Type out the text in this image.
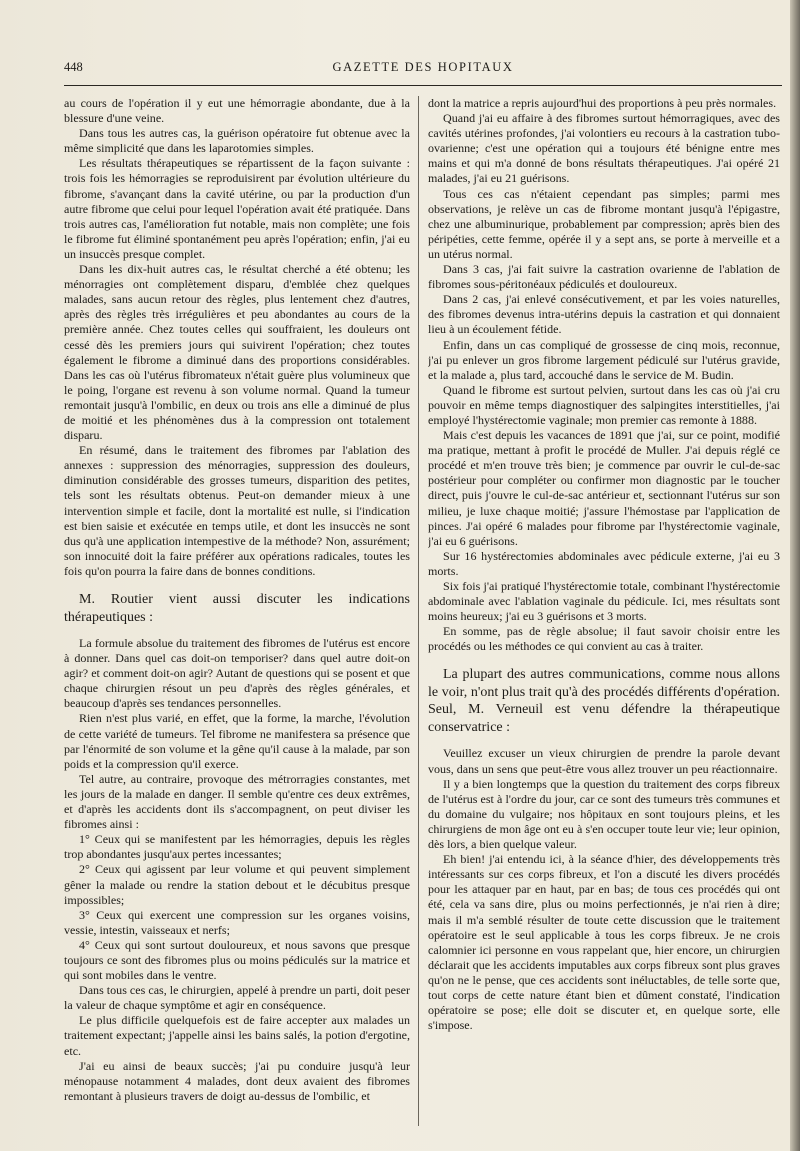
448	GAZETTE DES HOPITAUX

au cours de l'opération il y eut une hémorragie abondante, due à la blessure d'une veine.

Dans tous les autres cas, la guérison opératoire fut obtenue avec la même simplicité que dans les laparotomies simples.

Les résultats thérapeutiques se répartissent de la façon suivante : trois fois les hémorragies se reproduisirent par évolution ultérieure du fibrome, s'avançant dans la cavité utérine, ou par la production d'un autre fibrome que celui pour lequel l'opération avait été pratiquée. Dans trois autres cas, l'amélioration fut notable, mais non complète; une fois le fibrome fut éliminé spontanément peu après l'opération; enfin, j'ai eu un insuccès presque complet.

Dans les dix-huit autres cas, le résultat cherché a été obtenu; les ménorragies ont complètement disparu, d'emblée chez quelques malades, sans aucun retour des règles, plus lentement chez d'autres, après des règles très irrégulières et peu abondantes au cours de la première année. Chez toutes celles qui souffraient, les douleurs ont cessé dès les premiers jours qui suivirent l'opération; chez toutes également le fibrome a diminué dans des proportions considérables. Dans les cas où l'utérus fibromateux n'était guère plus volumineux que le poing, l'organe est revenu à son volume normal. Quand la tumeur remontait jusqu'à l'ombilic, en deux ou trois ans elle a diminué de plus de moitié et les phénomènes dus à la compression ont totalement disparu.

En résumé, dans le traitement des fibromes par l'ablation des annexes : suppression des ménorragies, suppression des douleurs, diminution considérable des grosses tumeurs, disparition des petites, tels sont les résultats obtenus. Peut-on demander mieux à une intervention simple et facile, dont la mortalité est nulle, si l'indication est bien saisie et exécutée en temps utile, et dont les insuccès ne sont dus qu'à une application intempestive de la méthode? Non, assurément; son innocuité doit la faire préférer aux opérations radicales, toutes les fois qu'on pourra la faire dans de bonnes conditions.

M. Routier vient aussi discuter les indications thérapeutiques :

La formule absolue du traitement des fibromes de l'utérus est encore à donner. Dans quel cas doit-on temporiser? dans quel autre doit-on agir? et comment doit-on agir? Autant de questions qui se posent et que chaque chirurgien résout un peu d'après des règles générales, et beaucoup d'après ses tendances personnelles.

Rien n'est plus varié, en effet, que la forme, la marche, l'évolution de cette variété de tumeurs. Tel fibrome ne manifestera sa présence que par l'énormité de son volume et la gêne qu'il cause à la malade, par son poids et la compression qu'il exerce.

Tel autre, au contraire, provoque des métrorragies constantes, met les jours de la malade en danger. Il semble qu'entre ces deux extrêmes, et d'après les accidents dont ils s'accompagnent, on peut diviser les fibromes ainsi :

1° Ceux qui se manifestent par les hémorragies, depuis les règles trop abondantes jusqu'aux pertes incessantes;

2° Ceux qui agissent par leur volume et qui peuvent simplement gêner la malade ou rendre la station debout et le décubitus presque impossibles;

3° Ceux qui exercent une compression sur les organes voisins, vessie, intestin, vaisseaux et nerfs;

4° Ceux qui sont surtout douloureux, et nous savons que presque toujours ce sont des fibromes plus ou moins pédiculés sur la matrice et qui sont mobiles dans le ventre.

Dans tous ces cas, le chirurgien, appelé à prendre un parti, doit peser la valeur de chaque symptôme et agir en conséquence.

Le plus difficile quelquefois est de faire accepter aux malades un traitement expectant; j'appelle ainsi les bains salés, la potion d'ergotine, etc.

J'ai eu ainsi de beaux succès; j'ai pu conduire jusqu'à leur ménopause notamment 4 malades, dont deux avaient des fibromes remontant à plusieurs travers de doigt au-dessus de l'ombilic, et

dont la matrice a repris aujourd'hui des proportions à peu près normales.

Quand j'ai eu affaire à des fibromes surtout hémorragiques, avec des cavités utérines profondes, j'ai volontiers eu recours à la castration tubo-ovarienne; c'est une opération qui a toujours été bénigne entre mes mains et qui m'a donné de bons résultats thérapeutiques. J'ai opéré 21 malades, j'ai eu 21 guérisons.

Tous ces cas n'étaient cependant pas simples; parmi mes observations, je relève un cas de fibrome montant jusqu'à l'épigastre, chez une albuminurique, probablement par compression; après bien des péripéties, cette femme, opérée il y a sept ans, se porte à merveille et a un utérus normal.

Dans 3 cas, j'ai fait suivre la castration ovarienne de l'ablation de fibromes sous-péritonéaux pédiculés et douloureux.

Dans 2 cas, j'ai enlevé consécutivement, et par les voies naturelles, des fibromes devenus intra-utérins depuis la castration et qui donnaient lieu à un écoulement fétide.

Enfin, dans un cas compliqué de grossesse de cinq mois, reconnue, j'ai pu enlever un gros fibrome largement pédiculé sur l'utérus gravide, et la malade a, plus tard, accouché dans le service de M. Budin.

Quand le fibrome est surtout pelvien, surtout dans les cas où j'ai cru pouvoir en même temps diagnostiquer des salpingites interstitielles, j'ai employé l'hystérectomie vaginale; mon premier cas remonte à 1888.

Mais c'est depuis les vacances de 1891 que j'ai, sur ce point, modifié ma pratique, mettant à profit le procédé de Muller. J'ai depuis réglé ce procédé et m'en trouve très bien; je commence par ouvrir le cul-de-sac postérieur pour compléter ou confirmer mon diagnostic par le toucher direct, puis j'ouvre le cul-de-sac antérieur et, sectionnant l'utérus sur son milieu, je luxe chaque moitié; j'assure l'hémostase par l'application de pinces. J'ai opéré 6 malades pour fibrome par l'hystérectomie vaginale, j'ai eu 6 guérisons.

Sur 16 hystérectomies abdominales avec pédicule externe, j'ai eu 3 morts.

Six fois j'ai pratiqué l'hystérectomie totale, combinant l'hystérectomie abdominale avec l'ablation vaginale du pédicule. Ici, mes résultats sont moins heureux; j'ai eu 3 guérisons et 3 morts.

En somme, pas de règle absolue; il faut savoir choisir entre les procédés ou les méthodes ce qui convient au cas à traiter.

La plupart des autres communications, comme nous allons le voir, n'ont plus trait qu'à des procédés différents d'opération. Seul, M. Verneuil est venu défendre la thérapeutique conservatrice :

Veuillez excuser un vieux chirurgien de prendre la parole devant vous, dans un sens que peut-être vous allez trouver un peu réactionnaire.

Il y a bien longtemps que la question du traitement des corps fibreux de l'utérus est à l'ordre du jour, car ce sont des tumeurs très communes et du domaine du vulgaire; nos hôpitaux en sont toujours pleins, et les chirurgiens de mon âge ont eu à s'en occuper toute leur vie; leur opinion, dès lors, a bien quelque valeur.

Eh bien! j'ai entendu ici, à la séance d'hier, des développements très intéressants sur ces corps fibreux, et l'on a discuté les divers procédés pour les attaquer par en haut, par en bas; de tous ces procédés qui ont été, cela va sans dire, plus ou moins perfectionnés, je n'ai rien à dire; mais il m'a semblé résulter de toute cette discussion que le traitement opératoire est le seul applicable à tous les corps fibreux. Je ne crois calomnier ici personne en vous rappelant que, hier encore, un chirurgien déclarait que les accidents imputables aux corps fibreux sont plus graves qu'on ne le pense, que ces accidents sont inéluctables, de telle sorte que, tout corps de cette nature étant bien et dûment constaté, l'indication opératoire se pose; elle doit se discuter et, en quelque sorte, elle s'impose.
